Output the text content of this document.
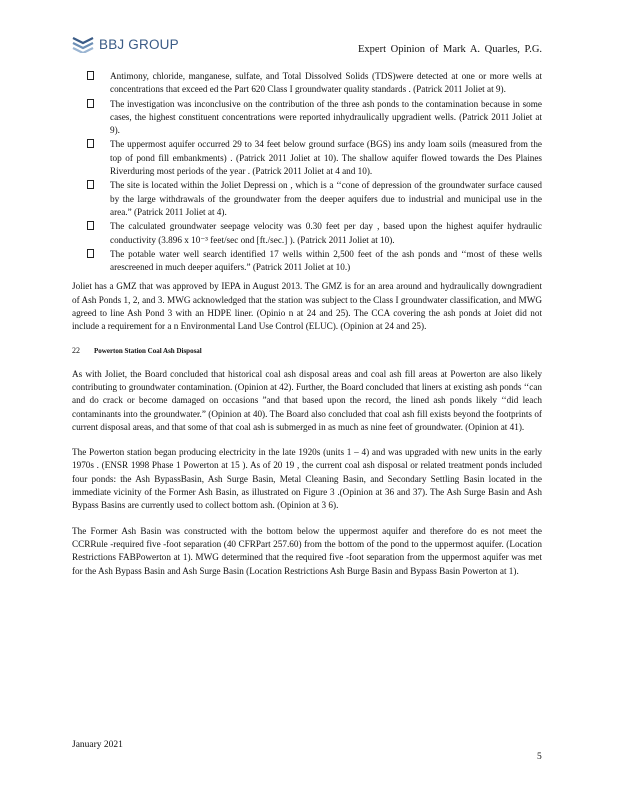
BBJ GROUP	Expert Opinion of Mark A. Quarles, P.G.
Antimony, chloride, manganese, sulfate, and Total Dissolved Solids (TDS)were detected at one or more wells at concentrations that exceed ed the Part 620 Class I groundwater quality standards . (Patrick 2011 Joliet at 9).
The investigation was inconclusive on the contribution of the three ash ponds to the contamination because in some cases, the highest constituent concentrations were reported inhydraulically upgradient wells. (Patrick 2011 Joliet at 9).
The uppermost aquifer occurred 29 to 34 feet below ground surface (BGS) ins andy loam soils (measured from the top of pond fill embankments) . (Patrick 2011 Joliet at 10). The shallow aquifer flowed towards the Des Plaines Riverduring most periods of the year . (Patrick 2011 Joliet at 4 and 10).
The site is located within the Joliet Depressi on , which is a ‘‘cone of depression of the groundwater surface caused by the large withdrawals of the groundwater from the deeper aquifers due to industrial and municipal use in the area.” (Patrick 2011 Joliet at 4).
The calculated groundwater seepage velocity was 0.30 feet per day , based upon the highest aquifer hydraulic conductivity (3.896 x 10⁻³ feet/sec ond [ft./sec.] ). (Patrick 2011 Joliet at 10).
The potable water well search identified 17 wells within 2,500 feet of the ash ponds and ‘‘most of these wells arescreened in much deeper aquifers.” (Patrick 2011 Joliet at 10.)

Joliet has a GMZ that was approved by IEPA in August 2013. The GMZ is for an area around and hydraulically downgradient of Ash Ponds 1, 2, and 3. MWG acknowledged that the station was subject to the Class I groundwater classification, and MWG agreed to line Ash Pond 3 with an HDPE liner. (Opinio n at 24 and 25). The CCA covering the ash ponds at Joiet did not include a requirement for a n Environmental Land Use Control (ELUC). (Opinion at 24 and 25).

22 Powerton Station Coal Ash Disposal

As with Joliet, the Board concluded that historical coal ash disposal areas and coal ash fill areas at Powerton are also likely contributing to groundwater contamination. (Opinion at 42). Further, the Board concluded that liners at existing ash ponds ‘‘can and do crack or become damaged on occasions ”and that based upon the record, the lined ash ponds likely ‘‘did leach contaminants into the groundwater.” (Opinion at 40). The Board also concluded that coal ash fill exists beyond the footprints of current disposal areas, and that some of that coal ash is submerged in as much as nine feet of groundwater. (Opinion at 41).

The Powerton station began producing electricity in the late 1920s (units 1 – 4) and was upgraded with new units in the early 1970s . (ENSR 1998 Phase 1 Powerton at 15 ). As of 20 19 , the current coal ash disposal or related treatment ponds included four ponds: the Ash BypassBasin, Ash Surge Basin, Metal Cleaning Basin, and Secondary Settling Basin located in the immediate vicinity of the Former Ash Basin, as illustrated on Figure 3 .(Opinion at 36 and 37). The Ash Surge Basin and Ash Bypass Basins are currently used to collect bottom ash. (Opinion at 3 6).

The Former Ash Basin was constructed with the bottom below the uppermost aquifer and therefore do es not meet the CCRRule -required five -foot separation (40 CFRPart 257.60) from the bottom of the pond to the uppermost aquifer. (Location Restrictions FABPowerton at 1). MWG determined that the required five -foot separation from the uppermost aquifer was met for the Ash Bypass Basin and Ash Surge Basin (Location Restrictions Ash Burge Basin and Bypass Basin Powerton at 1).

January 2021
5
